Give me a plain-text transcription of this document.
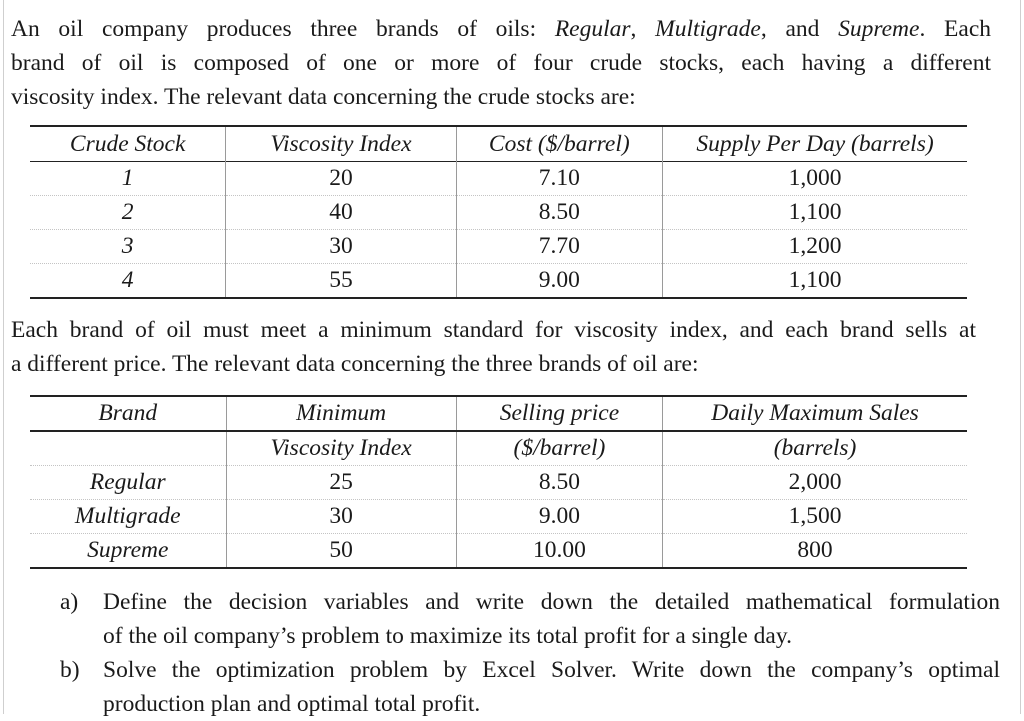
An oil company produces three brands of oils: Regular, Multigrade, and Supreme. Each
brand of oil is composed of one or more of four crude stocks, each having a different
viscosity index. The relevant data concerning the crude stocks are:

Crude Stock	Viscosity Index	Cost ($/barrel)	Supply Per Day (barrels)
1	20	7.10	1,000
2	40	8.50	1,100
3	30	7.70	1,200
4	55	9.00	1,100

Each brand of oil must meet a minimum standard for viscosity index, and each brand sells at
a different price. The relevant data concerning the three brands of oil are:

Brand	Minimum	Selling price	Daily Maximum Sales
	Viscosity Index	($/barrel)	(barrels)
Regular	25	8.50	2,000
Multigrade	30	9.00	1,500
Supreme	50	10.00	800
a) Define the decision variables and write down the detailed mathematical formulation
of the oil company’s problem to maximize its total profit for a single day.
b) Solve the optimization problem by Excel Solver. Write down the company’s optimal
production plan and optimal total profit.
